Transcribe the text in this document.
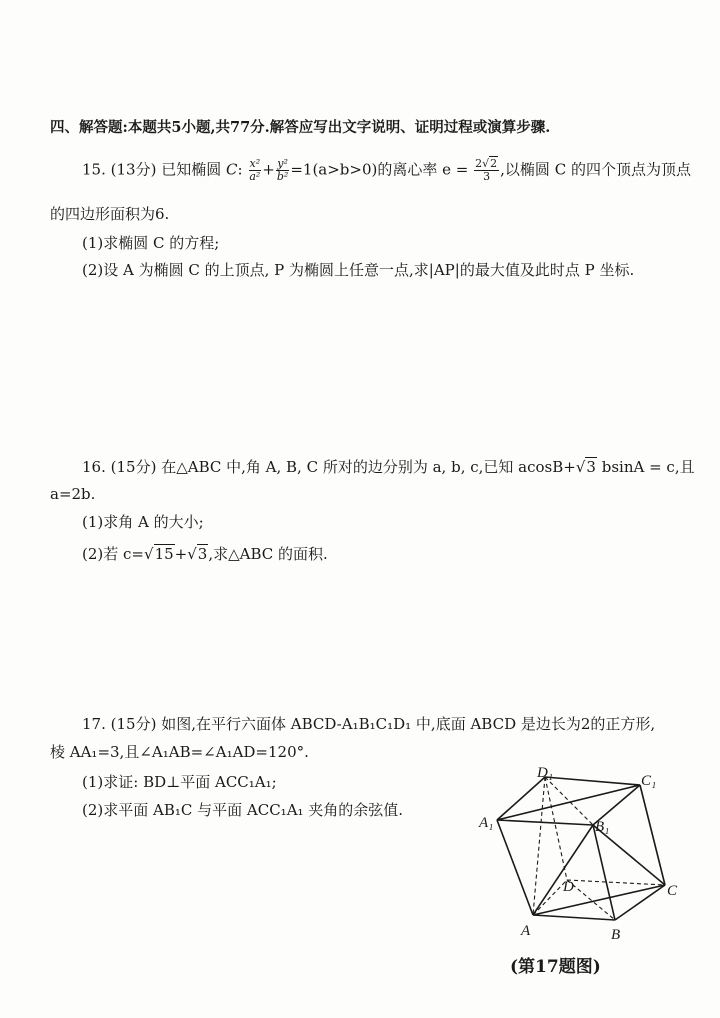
四、解答题:本题共5小题,共77分.解答应写出文字说明、证明过程或演算步骤.
15. (13分) 已知椭圆 C: $\frac{\text{x²}}{\text{a²}} + \frac{\text{y²}}{\text{b²}} =1(a>b>0)$的离心率 $e = \frac{2√2}{3}$ ,以椭圆 C 的四个顶点为顶点
的四边形面积为6.
(1)求椭圆 C 的方程;
(2)设 A 为椭圆 C 的上顶点, P 为椭圆上任意一点,求|AP|的最大值及此时点 P 坐标.
16. (15分) 在△ABC 中,角 A, B, C 所对的边分别为 a, b, c,已知 acosB+√3 bsinA = c,且
a=2b.
(1)求角 A 的大小;
(2)若 c=√15+√3,求△ABC 的面积.
17. (15分) 如图,在平行六面体 ABCD-A₁B₁C₁D₁ 中,底面 ABCD 是边长为2的正方形,
棱 AA₁=3,且∠A₁AB=∠A₁AD=120°.
(1)求证: BD⊥平面 ACC₁A₁;
(2)求平面 AB₁C 与平面 ACC₁A₁ 夹角的余弦值.
D₁	C₁
A₁	B₁
D	C
A	B
(第17题图)
